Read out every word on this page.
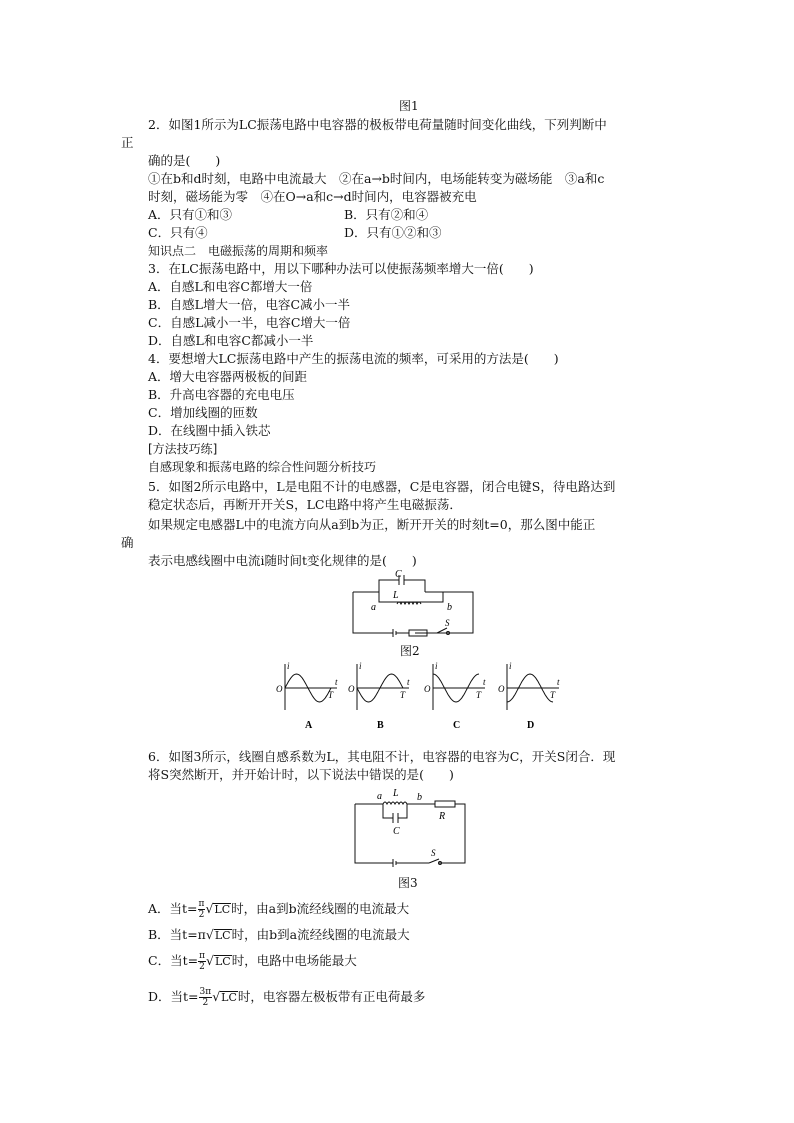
图1
2．如图1所示为LC振荡电路中电容器的极板带电荷量随时间变化曲线，下列判断中
正
确的是(　　)
①在b和d时刻，电路中电流最大　②在a→b时间内，电场能转变为磁场能　③a和c
时刻，磁场能为零　④在O→a和c→d时间内，电容器被充电
A．只有①和③	B．只有②和④
C．只有④	D．只有①②和③
知识点二　电磁振荡的周期和频率
3．在LC振荡电路中，用以下哪种办法可以使振荡频率增大一倍(　　)
A．自感L和电容C都增大一倍
B．自感L增大一倍，电容C减小一半
C．自感L减小一半，电容C增大一倍
D．自感L和电容C都减小一半
4．要想增大LC振荡电路中产生的振荡电流的频率，可采用的方法是(　　)
A．增大电容器两极板的间距
B．升高电容器的充电电压
C．增加线圈的匝数
D．在线圈中插入铁芯
[方法技巧练]
自感现象和振荡电路的综合性问题分析技巧
5．如图2所示电路中，L是电阻不计的电感器，C是电容器，闭合电键S，待电路达到
稳定状态后，再断开开关S，LC电路中将产生电磁振荡．
如果规定电感器L中的电流方向从a到b为正，断开开关的时刻t=0，那么图中能正
确
表示电感线圈中电流i随时间t变化规律的是(　　)
C
L
a	b
S
图2
i
t
O
T
A
i
t
O
T
B
i
t
O
T
C
i
t
O
T
D
6．如图3所示，线圈自感系数为L，其电阻不计，电容器的电容为C，开关S闭合．现
将S突然断开，并开始计时，以下说法中错误的是(　　)
a L b
R
C
S
图3
A．当$t= \frac{\pi}{2} √LC$时，由a到b流经线圈的电流最大
B．当t=π√LC时，由b到a流经线圈的电流最大
C．当$t= \frac{\pi}{2} √LC$时，电路中电场能最大
D．当$t= \frac{3\pi}{2} √LC$时，电容器左极板带有正电荷最多
